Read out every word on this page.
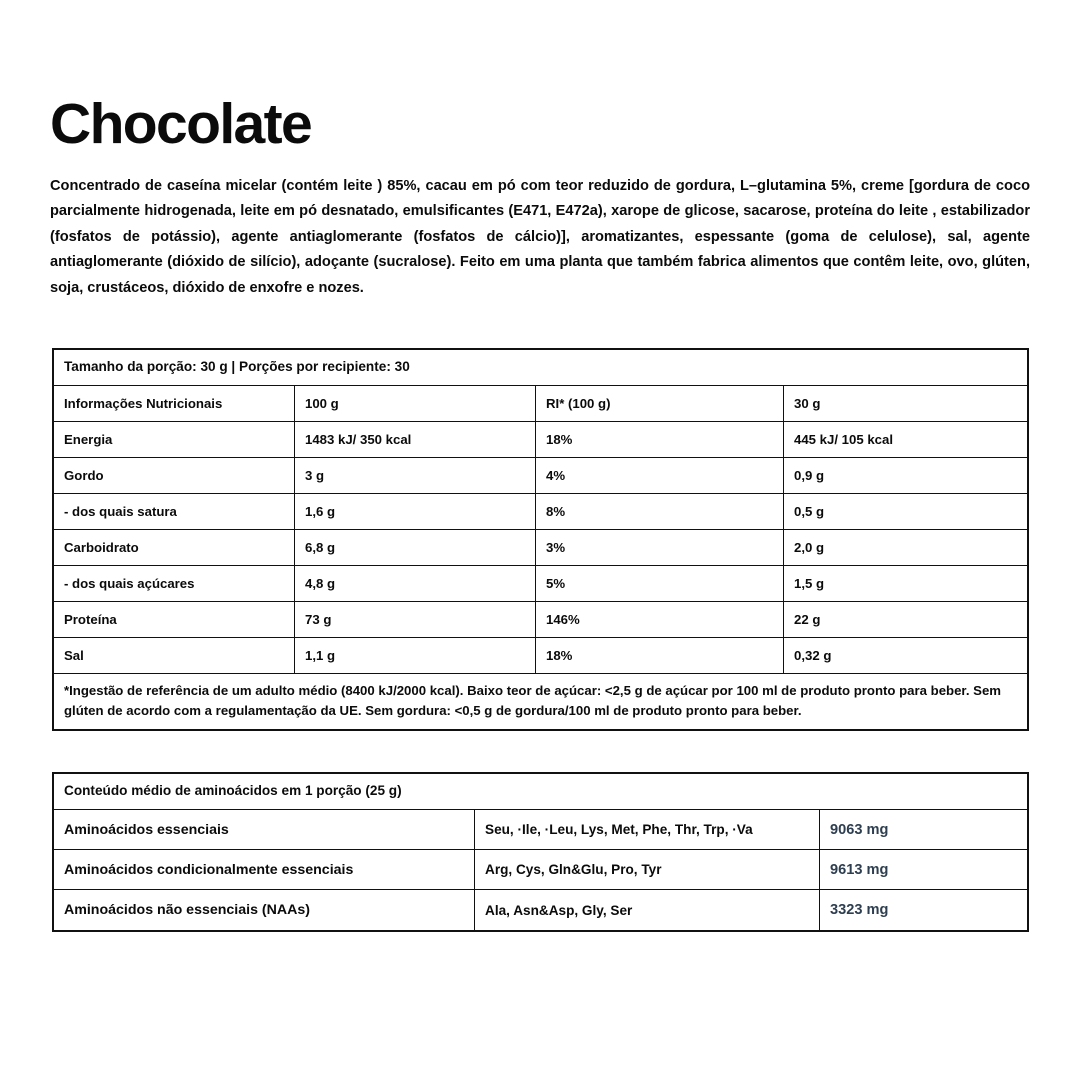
Chocolate
Concentrado de caseína micelar (contém leite ) 85%, cacau em pó com teor reduzido de gordura, L–glutamina 5%, creme [gordura de coco parcialmente hidrogenada, leite em pó desnatado, emulsificantes (E471, E472a), xarope de glicose, sacarose, proteína do leite , estabilizador (fosfatos de potássio), agente antiaglomerante (fosfatos de cálcio)], aromatizantes, espessante (goma de celulose), sal, agente antiaglomerante (dióxido de silício), adoçante (sucralose). Feito em uma planta que também fabrica alimentos que contêm leite, ovo, glúten, soja, crustáceos, dióxido de enxofre e nozes.
Tamanho da porção: 30 g | Porções por recipiente: 30
Informações Nutricionais	100 g	RI* (100 g)	30 g
Energia	1483 kJ/ 350 kcal	18%	445 kJ/ 105 kcal
Gordo	3 g	4%	0,9 g
- dos quais satura	1,6 g	8%	0,5 g
Carboidrato	6,8 g	3%	2,0 g
- dos quais açúcares	4,8 g	5%	1,5 g
Proteína	73 g	146%	22 g
Sal	1,1 g	18%	0,32 g
*Ingestão de referência de um adulto médio (8400 kJ/2000 kcal). Baixo teor de açúcar: <2,5 g de açúcar por 100 ml de produto pronto para beber. Sem glúten de acordo com a regulamentação da UE. Sem gordura: <0,5 g de gordura/100 ml de produto pronto para beber.
Conteúdo médio de aminoácidos em 1 porção (25 g)
Aminoácidos essenciais	Seu, ·Ile, ·Leu, Lys, Met, Phe, Thr, Trp, ·Va	9063 mg
Aminoácidos condicionalmente essenciais	Arg, Cys, Gln&Glu, Pro, Tyr	9613 mg
Aminoácidos não essenciais (NAAs)	Ala, Asn&Asp, Gly, Ser	3323 mg
